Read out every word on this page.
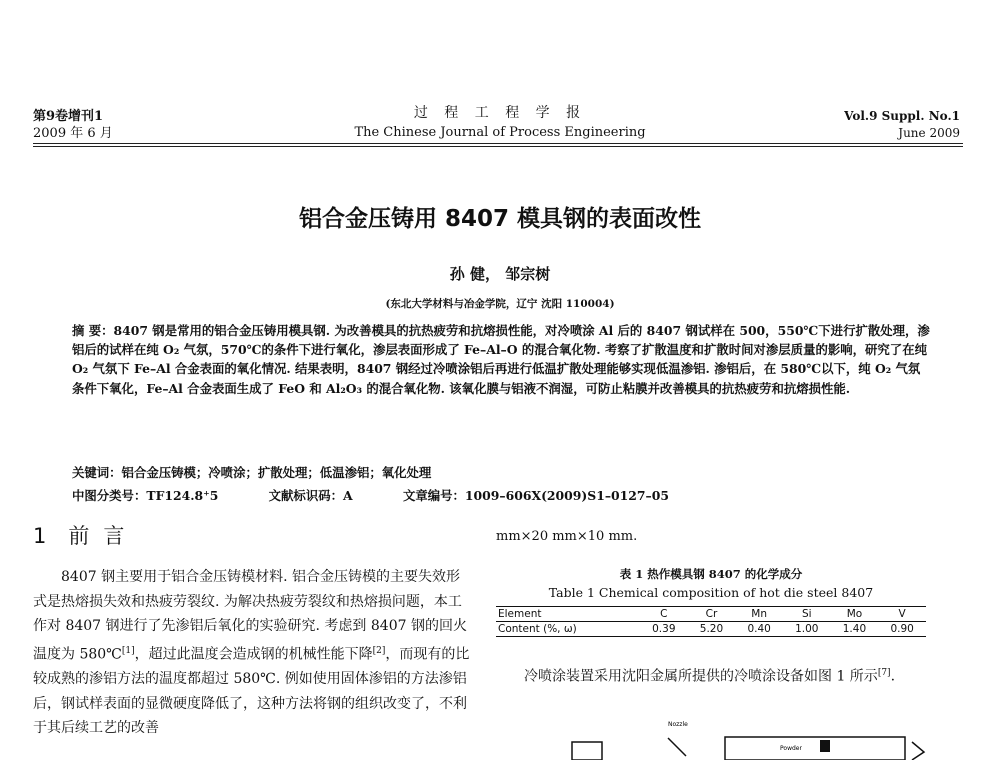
第9卷增刊1
2009 年 6 月
过 程 工 程 学 报
The Chinese Journal of Process Engineering
Vol.9 Suppl. No.1
June 2009
铝合金压铸用 8407 模具钢的表面改性
孙 健， 邹宗树
(东北大学材料与冶金学院，辽宁 沈阳 110004)
摘 要：8407 钢是常用的铝合金压铸用模具钢. 为改善模具的抗热疲劳和抗熔损性能，对冷喷涂 Al 后的 8407 钢试样在 500，550℃下进行扩散处理，渗铝后的试样在纯 O₂ 气氛，570℃的条件下进行氧化，渗层表面形成了 Fe–Al–O 的混合氧化物. 考察了扩散温度和扩散时间对渗层质量的影响，研究了在纯 O₂ 气氛下 Fe–Al 合金表面的氧化情况. 结果表明，8407 钢经过冷喷涂铝后再进行低温扩散处理能够实现低温渗铝. 渗铝后，在 580℃以下，纯 O₂ 气氛条件下氧化，Fe–Al 合金表面生成了 FeO 和 Al₂O₃ 的混合氧化物. 该氧化膜与铝液不润湿，可防止粘膜并改善模具的抗热疲劳和抗熔损性能.
关键词：铝合金压铸模；冷喷涂；扩散处理；低温渗铝；氧化处理
中图分类号：TF124.8⁺5	文献标识码：A	文章编号：1009–606X(2009)S1–0127–05
1 前言

8407 钢主要用于铝合金压铸模材料. 铝合金压铸模的主要失效形式是热熔损失效和热疲劳裂纹. 为解决热疲劳裂纹和热熔损问题，本工作对 8407 钢进行了先渗铝后氧化的实验研究. 考虑到 8407 钢的回火温度为 580℃[1]，超过此温度会造成钢的机械性能下降[2]，而现有的比较成熟的渗铝方法的温度都超过 580℃. 例如使用固体渗铝的方法渗铝后，钢试样表面的显微硬度降低了，这种方法将钢的组织改变了，不利于其后续工艺的改善

mm×20 mm×10 mm.
表 1 热作模具钢 8407 的化学成分
Table 1 Chemical composition of hot die steel 8407
Element	C	Cr	Mn	Si	Mo	V
Content (%, ω)	0.39	5.20	0.40	1.00	1.40	0.90

冷喷涂装置采用沈阳金属所提供的冷喷涂设备如图 1 所示[7].

Nozzle
Powder
